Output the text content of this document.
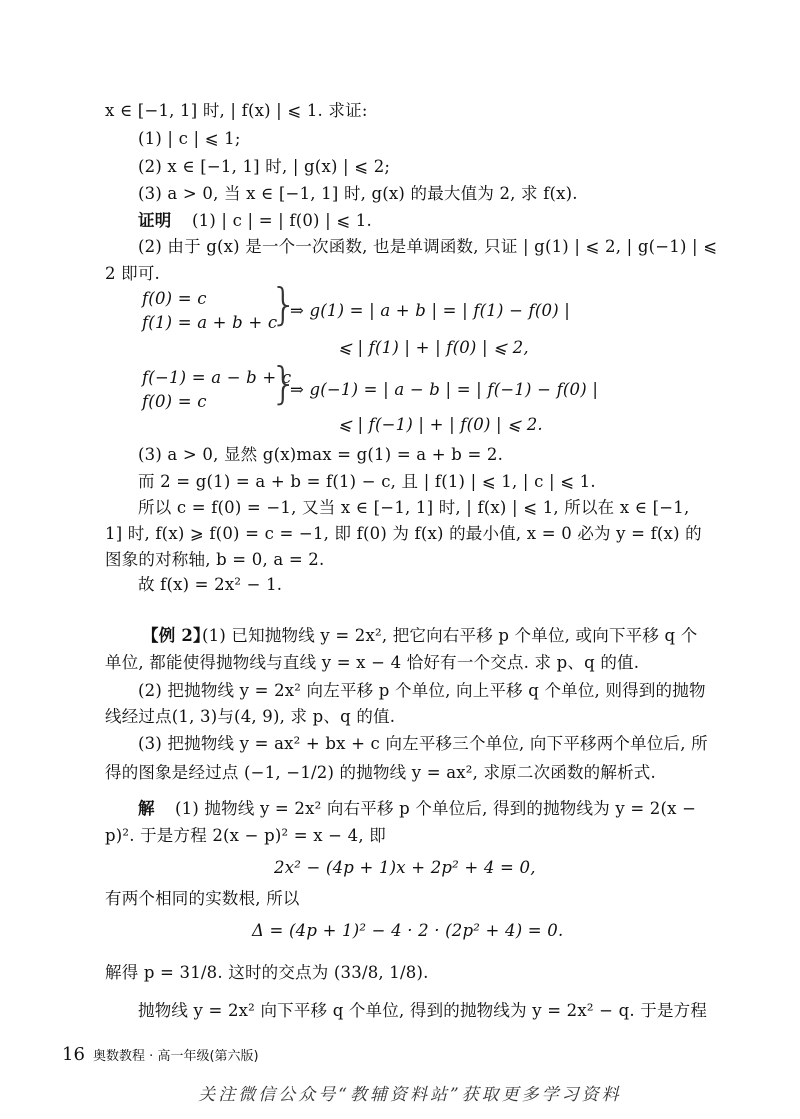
x ∈ [−1, 1] 时, | f(x) | ⩽ 1. 求证:
(1) | c | ⩽ 1;
(2) x ∈ [−1, 1] 时, | g(x) | ⩽ 2;
(3) a > 0, 当 x ∈ [−1, 1] 时, g(x) 的最大值为 2, 求 f(x).
证明 (1) | c | = | f(0) | ⩽ 1.
(2) 由于 g(x) 是一个一次函数, 也是单调函数, 只证 | g(1) | ⩽ 2, | g(−1) | ⩽
2 即可.
f(0) = c
f(1) = a + b + c
}
⇒ g(1) = | a + b | = | f(1) − f(0) |
⩽ | f(1) | + | f(0) | ⩽ 2,
f(−1) = a − b + c
f(0) = c }
⇒ g(−1) = | a − b | = | f(−1) − f(0) |
⩽ | f(−1) | + | f(0) | ⩽ 2.
(3) a > 0, 显然 g(x)max = g(1) = a + b = 2.
而 2 = g(1) = a + b = f(1) − c, 且 | f(1) | ⩽ 1, | c | ⩽ 1.
所以 c = f(0) = −1, 又当 x ∈ [−1, 1] 时, | f(x) | ⩽ 1, 所以在 x ∈ [−1,
1] 时, f(x) ⩾ f(0) = c = −1, 即 f(0) 为 f(x) 的最小值, x = 0 必为 y = f(x) 的
图象的对称轴, b = 0, a = 2.
故 f(x) = 2x² − 1.
【例 2】
(1) 已知抛物线 y = 2x², 把它向右平移 p 个单位, 或向下平移 q 个
单位, 都能使得抛物线与直线 y = x − 4 恰好有一个交点. 求 p、q 的值.
(2) 把抛物线 y = 2x² 向左平移 p 个单位, 向上平移 q 个单位, 则得到的抛物
线经过点(1, 3)与(4, 9), 求 p、q 的值.
(3) 把抛物线 y = ax² + bx + c 向左平移三个单位, 向下平移两个单位后, 所
得的图象是经过点 (−1, −1/2) 的抛物线 y = ax², 求原二次函数的解析式.
解 (1) 抛物线 y = 2x² 向右平移 p 个单位后, 得到的抛物线为 y = 2(x −
p)². 于是方程 2(x − p)² = x − 4, 即
2x² − (4p + 1)x + 2p² + 4 = 0,
有两个相同的实数根, 所以
Δ = (4p + 1)² − 4 · 2 · (2p² + 4) = 0.
解得 p = 31/8. 这时的交点为 (33/8, 1/8).
抛物线 y = 2x² 向下平移 q 个单位, 得到的抛物线为 y = 2x² − q. 于是方程
16 奥数教程 · 高一年级(第六版)
关注微信公众号“教辅资料站”获取更多学习资料
